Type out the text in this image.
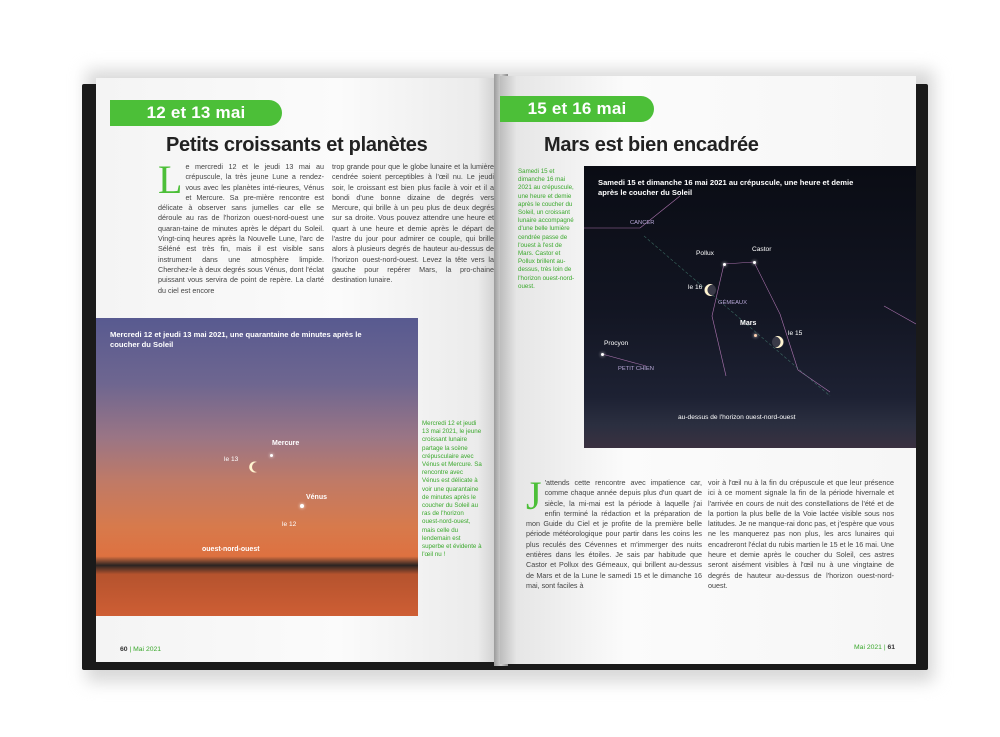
12 et 13 mai
Petits croissants et planètes
L e mercredi 12 et le jeudi 13 mai au crépuscule, la très jeune Lune a rendez-vous avec les planètes inté-rieures, Vénus et Mercure. Sa pre-mière rencontre est délicate à observer sans jumelles car elle se déroule au ras de l'horizon ouest-nord-ouest une quaran-taine de minutes après le départ du Soleil. Vingt-cinq heures après la Nouvelle Lune, l'arc de Séléné est très fin, mais il est visible sans instrument dans une atmosphère limpide. Cherchez-le à deux degrés sous Vénus, dont l'éclat puissant vous servira de point de repère. La clarté du ciel est encore
trop grande pour que le globe lunaire et la lumière cendrée soient perceptibles à l'œil nu. Le jeudi soir, le croissant est bien plus facile à voir et il a bondi d'une bonne dizaine de degrés vers Mercure, qui brille à un peu plus de deux degrés sur sa droite. Vous pouvez attendre une heure et quart à une heure et demie après le départ de l'astre du jour pour admirer ce couple, qui brille alors à plusieurs degrés de hauteur au-dessus de l'horizon ouest-nord-ouest. Levez la tête vers la gauche pour repérer Mars, la pro-chaine destination lunaire.
Mercredi 12 et jeudi 13 mai 2021, une quarantaine de minutes après le coucher du Soleil
Mercure
le 13
Vénus
le 12
ouest-nord-ouest
Mercredi 12 et jeudi 13 mai 2021, le jeune croissant lunaire partage la scène crépusculaire avec Vénus et Mercure. Sa rencontre avec Vénus est délicate à voir une quarantaine de minutes après le coucher du Soleil au ras de l'horizon ouest-nord-ouest, mais celle du lendemain est superbe et évidente à l'œil nu !
60 | Mai 2021
15 et 16 mai
Mars est bien encadrée
Samedi 15 et dimanche 16 mai 2021 au crépuscule, une heure et demie après le coucher du Soleil, un croissant lunaire accompagné d'une belle lumière cendrée passe de l'ouest à l'est de Mars. Castor et Pollux brillent au-dessus, très loin de l'horizon ouest-nord-ouest.
Samedi 15 et dimanche 16 mai 2021 au crépuscule, une heure et demie après le coucher du Soleil
CANCER
Pollux
Castor
le 16
GÉMEAUX
Mars
le 15
Procyon
PETIT CHIEN
au-dessus de l'horizon ouest-nord-ouest
J 'attends cette rencontre avec impatience car, comme chaque année depuis plus d'un quart de siècle, la mi-mai est la période à laquelle j'ai enfin terminé la rédaction et la préparation de mon Guide du Ciel et je profite de la première belle période météorologique pour partir dans les coins les plus reculés des Cévennes et m'immerger des nuits entières dans les étoiles. Je sais par habitude que Castor et Pollux des Gémeaux, qui brillent au-dessus de Mars et de la Lune le samedi 15 et le dimanche 16 mai, sont faciles à
voir à l'œil nu à la fin du crépuscule et que leur présence ici à ce moment signale la fin de la période hivernale et l'arrivée en cours de nuit des constellations de l'été et de la portion la plus belle de la Voie lactée visible sous nos latitudes. Je ne manque-rai donc pas, et j'espère que vous ne les manquerez pas non plus, les arcs lunaires qui encadreront l'éclat du rubis martien le 15 et le 16 mai. Une heure et demie après le coucher du Soleil, ces astres seront aisément visibles à l'œil nu à une vingtaine de degrés de hauteur au-dessus de l'horizon ouest-nord-ouest.
Mai 2021 | 61
